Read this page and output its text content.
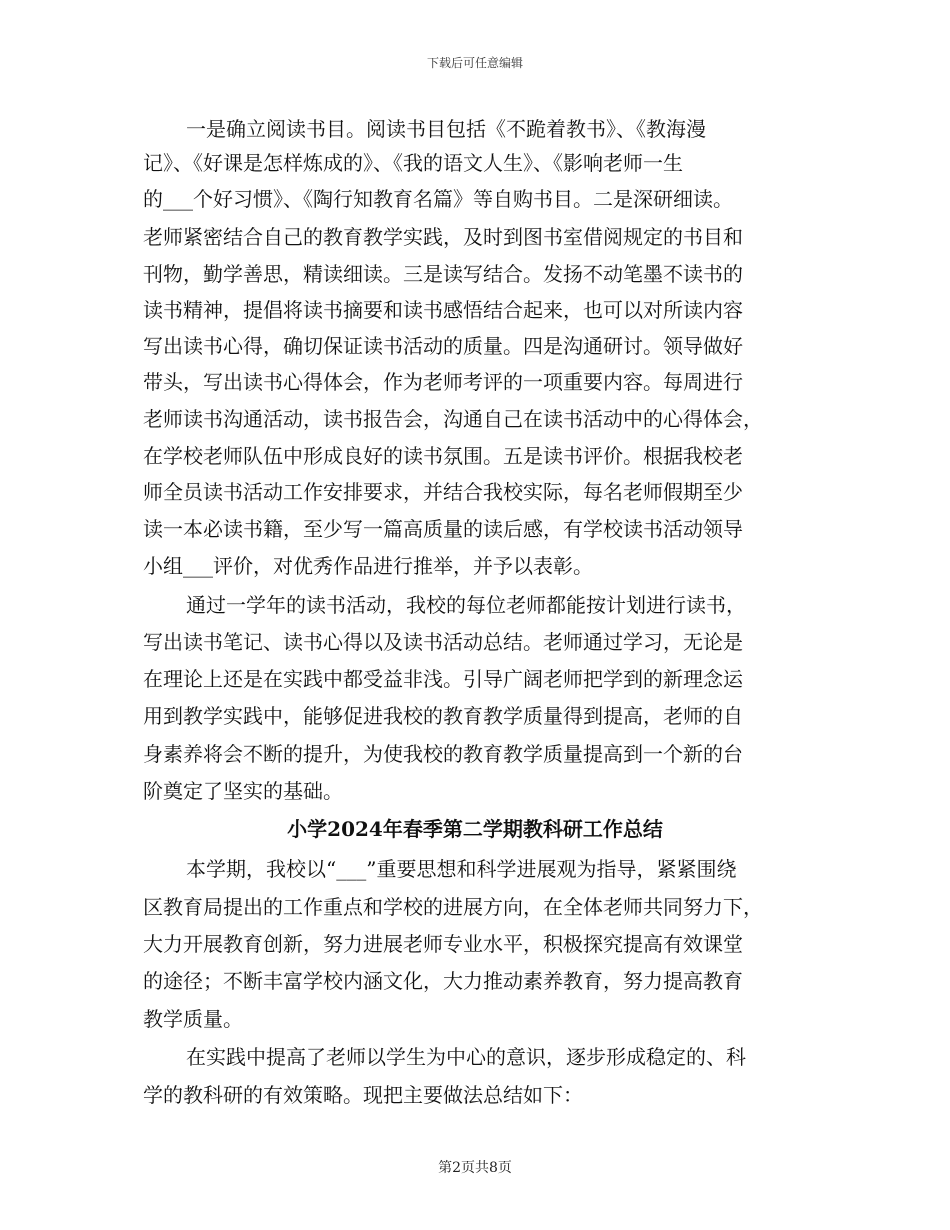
下载后可任意编辑
一是确立阅读书目。阅读书目包括《不跪着教书》、《教海漫
记》、《好课是怎样炼成的》、《我的语文人生》、《影响老师一生
的___个好习惯》、《陶行知教育名篇》等自购书目。二是深研细读。
老师紧密结合自己的教育教学实践，及时到图书室借阅规定的书目和
刊物，勤学善思，精读细读。三是读写结合。发扬不动笔墨不读书的
读书精神，提倡将读书摘要和读书感悟结合起来，也可以对所读内容
写出读书心得，确切保证读书活动的质量。四是沟通研讨。领导做好
带头，写出读书心得体会，作为老师考评的一项重要内容。每周进行
老师读书沟通活动，读书报告会，沟通自己在读书活动中的心得体会，
在学校老师队伍中形成良好的读书氛围。五是读书评价。根据我校老
师全员读书活动工作安排要求，并结合我校实际，每名老师假期至少
读一本必读书籍，至少写一篇高质量的读后感，有学校读书活动领导
小组___评价，对优秀作品进行推举，并予以表彰。
通过一学年的读书活动，我校的每位老师都能按计划进行读书，
写出读书笔记、读书心得以及读书活动总结。老师通过学习，无论是
在理论上还是在实践中都受益非浅。引导广阔老师把学到的新理念运
用到教学实践中，能够促进我校的教育教学质量得到提高，老师的自
身素养将会不断的提升，为使我校的教育教学质量提高到一个新的台
阶奠定了坚实的基础。
小学2024年春季第二学期教科研工作总结
本学期，我校以“___”重要思想和科学进展观为指导，紧紧围绕
区教育局提出的工作重点和学校的进展方向，在全体老师共同努力下，
大力开展教育创新，努力进展老师专业水平，积极探究提高有效课堂
的途径；不断丰富学校内涵文化，大力推动素养教育，努力提高教育
教学质量。
在实践中提高了老师以学生为中心的意识，逐步形成稳定的、科
学的教科研的有效策略。现把主要做法总结如下：
第2页共8页
